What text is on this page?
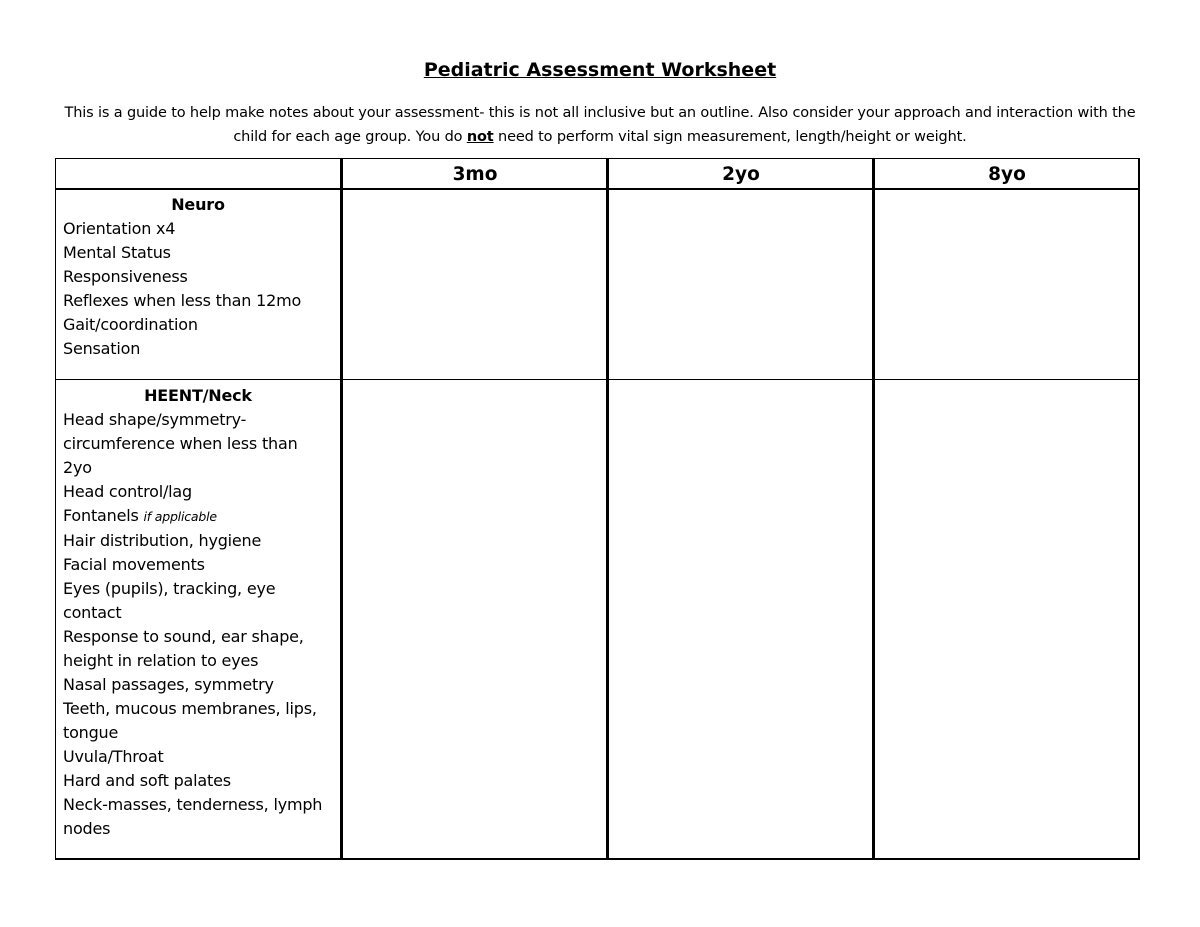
Pediatric Assessment Worksheet
This is a guide to help make notes about your assessment- this is not all inclusive but an outline. Also consider your approach and interaction with the child for each age group. You do not need to perform vital sign measurement, length/height or weight.
3mo	2yo	8yo
Neuro
Orientation x4
Mental Status
Responsiveness
Reflexes when less than 12mo
Gait/coordination
Sensation
HEENT/Neck
Head shape/symmetry-
circumference when less than
2yo
Head control/lag
Fontanels if applicable
Hair distribution, hygiene
Facial movements
Eyes (pupils), tracking, eye
contact
Response to sound, ear shape,
height in relation to eyes
Nasal passages, symmetry
Teeth, mucous membranes, lips,
tongue
Uvula/Throat
Hard and soft palates
Neck-masses, tenderness, lymph
nodes
